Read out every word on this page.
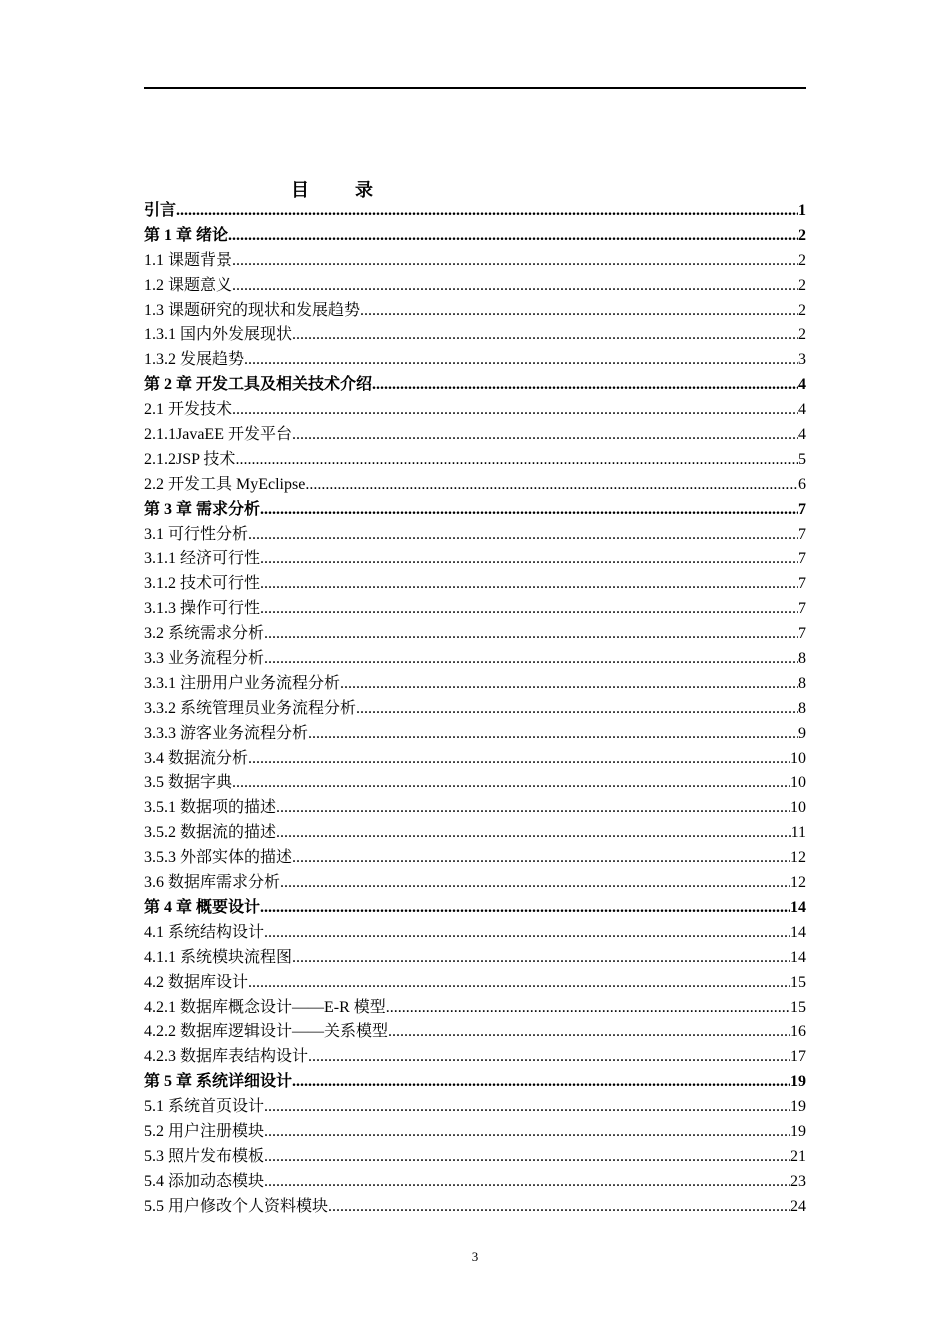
目　录
引言 .....	1
第 1 章 绪论 .....	2
1.1 课题背景 .....	2
1.2 课题意义 .....	2
1.3 课题研究的现状和发展趋势 .....	2
1.3.1 国内外发展现状 .....	2
1.3.2 发展趋势 .....	3
第 2 章 开发工具及相关技术介绍 .....	4
2.1 开发技术 .....	4
2.1.1JavaEE 开发平台 .....	4
2.1.2JSP 技术 .....	5
2.2 开发工具 MyEclipse .....	6
第 3 章 需求分析 .....	7
3.1 可行性分析 .....	7
3.1.1 经济可行性 .....	7
3.1.2 技术可行性 .....	7
3.1.3 操作可行性 .....	7
3.2 系统需求分析 .....	7
3.3 业务流程分析 .....	8
3.3.1 注册用户业务流程分析 .....	8
3.3.2 系统管理员业务流程分析 .....	8
3.3.3 游客业务流程分析 .....	9
3.4 数据流分析 .....	10
3.5 数据字典 .....	10
3.5.1 数据项的描述 .....	10
3.5.2 数据流的描述 .....	11
3.5.3 外部实体的描述 .....	12
3.6 数据库需求分析 .....	12
第 4 章 概要设计 .....	14
4.1 系统结构设计 .....	14
4.1.1 系统模块流程图 .....	14
4.2 数据库设计 .....	15
4.2.1 数据库概念设计——E-R 模型 .....	15
4.2.2 数据库逻辑设计——关系模型 .....	16
4.2.3 数据库表结构设计 .....	17
第 5 章 系统详细设计 .....	19
5.1 系统首页设计 .....	19
5.2 用户注册模块 .....	19
5.3 照片发布模板 .....	21
5.4 添加动态模块 .....	23
5.5 用户修改个人资料模块 .....	24
3
